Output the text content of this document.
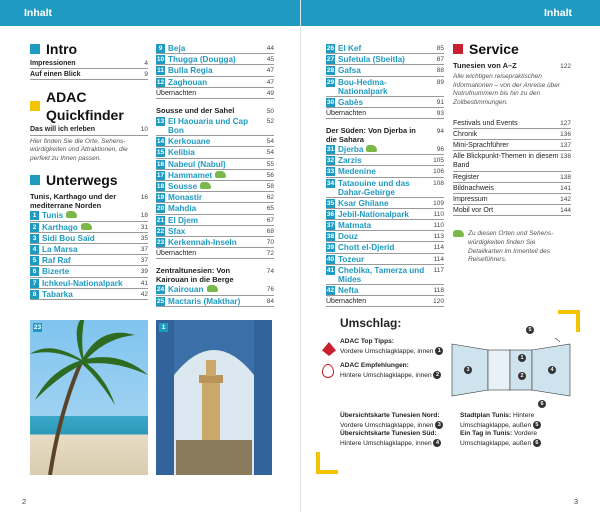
Inhalt	Inhalt
Intro
Impressionen	4
Auf einen Blick	9
ADAC Quickfinder
Das will ich erleben	10
Hier finden Sie die Orte, Sehenswürdigkeiten und Attraktionen, die perfekt zu Ihnen passen.
Unterwegs
Tunis, Karthago und der mediterrane Norden
16
1 Tunis	18
2 Karthago	31
3 Sidi Bou Saïd	35
4 La Marsa	37
5 Raf Raf	37
6 Bizerte	39
7 Ichkeul-Nationalpark	41
8 Tabarka	42
9 Beja	44
10 Thugga (Dougga)	45
11 Bulla Regia	47
12 Zaghouan	47
Übernachten	49
Sousse und der Sahel	50
13 El Haouaria und Cap Bon
52
14 Kerkouane	54
15 Kelibia	54
16 Nabeul (Nabul)	55
17 Hammamet	56
18 Sousse	58
19 Monastir	62
20 Mahdia	65
21 El Djem	67
22 Sfax	68
23 Kerkennah-Inseln	70
Übernachten	72
Zentraltunesien: Von Kairouan in die Berge
74
24 Kairouan	76
25 Mactaris (Makthar)	84
26 El Kef	85
27 Sufetula (Sbeitla)	87
28 Gafsa	88
29 Bou-Hedma-Nationalpark
89
30 Gabès	91
Übernachten	93
Der Süden: Von Djerba in die Sahara
94
31 Djerba	96
32 Zarzis	105
33 Medenine	106
34 Tataouine und das Dahar-Gebirge
108
35 Ksar Ghilane	109
36 Jebil-Nationalpark	110
37 Matmata	110
38 Douz	113
39 Chott el-Djerid	114
40 Tozeur	114
41 Chebika, Tamerza und Mides
117
42 Nefta	118
Übernachten	120
Service
Tunesien von A–Z	122
Alle wichtigen reisepraktischen Informationen – von der Anreise über Notrufnummern bis hin zu den Zollbestimmungen.
Festivals und Events	127
Chronik	136
Mini-Sprachführer	137
Alle Blickpunkt-Themen in diesem Band
138
Register	138
Bildnachweis	141
Impressum	142
Mobil vor Ort	144
Zu diesen Orten und Sehenswürdigkeiten finden Sie Detailkarten im Innenteil des Reiseführers.
23	1	Umschlag:
ADAC Top Tipps:
Vordere Umschlagklappe, innen 1
ADAC Empfehlungen:
Hintere Umschlagklappe, innen 2
5
1
3
2
4
6
Übersichtskarte Tunesien Nord:
Vordere Umschlagklappe, innen 3
Übersichtskarte Tunesien Süd:
Hintere Umschlagklappe, innen 4
Stadtplan Tunis: Hintere
Umschlagklappe, außen 5
Ein Tag in Tunis: Vordere
Umschlagklappe, außen 6
2	3
